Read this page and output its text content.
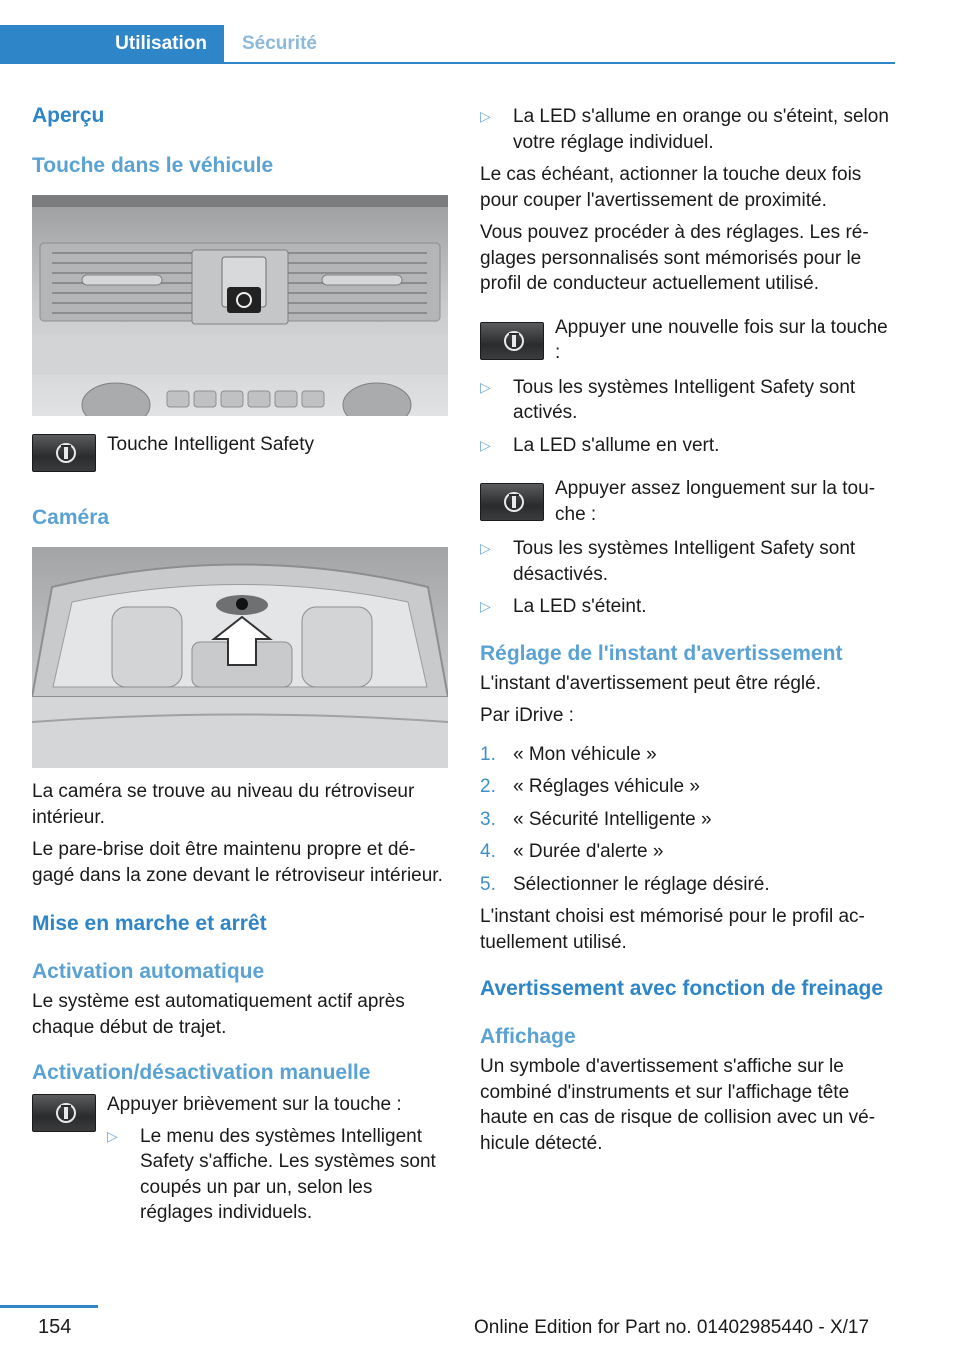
Utilisation	Sécurité
Aperçu
Touche dans le véhicule

Touche Intelligent Safety

Caméra

La caméra se trouve au niveau du rétroviseur intérieur.

Le pare-brise doit être maintenu propre et dégagé dans la zone devant le rétroviseur intérieur.

Mise en marche et arrêt
Activation automatique

Le système est automatiquement actif après chaque début de trajet.

Activation/désactivation manuelle

Appuyer brièvement sur la touche :

▷	Le menu des systèmes Intelligent Safety s'affiche. Les systèmes sont coupés un par un, selon les réglages individuels.

▷	La LED s'allume en orange ou s'éteint, selon votre réglage individuel.

Le cas échéant, actionner la touche deux fois pour couper l'avertissement de proximité.

Vous pouvez procéder à des réglages. Les réglages personnalisés sont mémorisés pour le profil de conducteur actuellement utilisé.

Appuyer une nouvelle fois sur la touche :

▷	Tous les systèmes Intelligent Safety sont activés.

▷	La LED s'allume en vert.

Appuyer assez longuement sur la touche :

▷	Tous les systèmes Intelligent Safety sont désactivés.

▷	La LED s'éteint.

Réglage de l'instant d'avertissement

L'instant d'avertissement peut être réglé.

Par iDrive :

1. « Mon véhicule »

2. « Réglages véhicule »

3. « Sécurité Intelligente »

4. « Durée d'alerte »

5. Sélectionner le réglage désiré.

L'instant choisi est mémorisé pour le profil actuellement utilisé.

Avertissement avec fonction de freinage
Affichage

Un symbole d'avertissement s'affiche sur le combiné d'instruments et sur l'affichage tête haute en cas de risque de collision avec un véhicule détecté.

154	Online Edition for Part no. 01402985440 - X/17
